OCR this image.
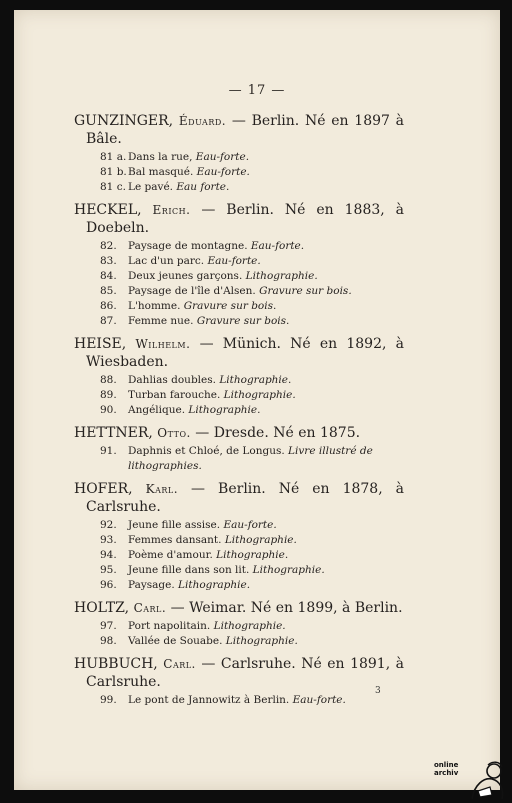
— 17 —
GUNZINGER, Éduard. — Berlin. Né en 1897 à Bâle.
81 a. Dans la rue, Eau-forte.
81 b.Bal masqué. Eau-forte.
81 c. Le pavé. Eau forte.
HECKEL, Erich. — Berlin. Né en 1883, à Doebeln.
82. Paysage de montagne. Eau-forte.
83. Lac d'un parc. Eau-forte.
84. Deux jeunes garçons. Lithographie.
85. Paysage de l'île d'Alsen. Gravure sur bois.
86. L'homme. Gravure sur bois.
87. Femme nue. Gravure sur bois.
HEISE, Wilhelm. — Münich. Né en 1892, à Wiesbaden.
88. Dahlias doubles. Lithographie.
89. Turban farouche. Lithographie.
90. Angélique. Lithographie.
HETTNER, Otto. — Dresde. Né en 1875.
91. Daphnis et Chloé, de Longus. Livre illustré de lithographies.
HOFER, Karl. — Berlin. Né en 1878, à Carlsruhe.
92. Jeune fille assise. Eau-forte.
93. Femmes dansant. Lithographie.
94. Poème d'amour. Lithographie.
95. Jeune fille dans son lit. Lithographie.
96. Paysage. Lithographie.
HOLTZ, Carl. — Weimar. Né en 1899, à Berlin.
97. Port napolitain. Lithographie.
98. Vallée de Souabe. Lithographie.
HUBBUCH, Carl. — Carlsruhe. Né en 1891, à Carlsruhe.
99. Le pont de Jannowitz à Berlin. Eau-forte.
3
online
archiv
